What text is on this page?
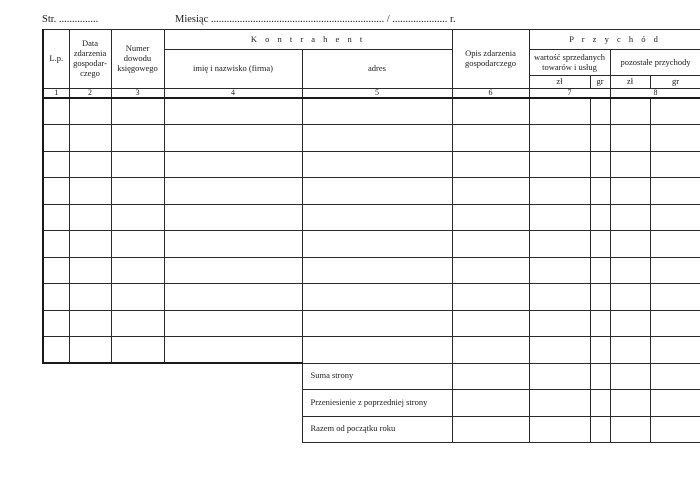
Str. ...............	Miesiąc .................................................................. / ..................... r.
L.p.	Data zdarzenia gospodar-czego	Numer dowodu księgowego	K o n t r a h e n t		Opis zdarzenia gospodarczego	P r z y c h ó d			
			imię i nazwisko (firma)	adres		wartość sprzedanych towarów i usług		pozostałe przychody	
						zł	gr	zł	gr
1	2	3	4	5	6	7		8	

				Suma strony					
				Przeniesienie z poprzedniej strony					
				Razem od początku roku					
